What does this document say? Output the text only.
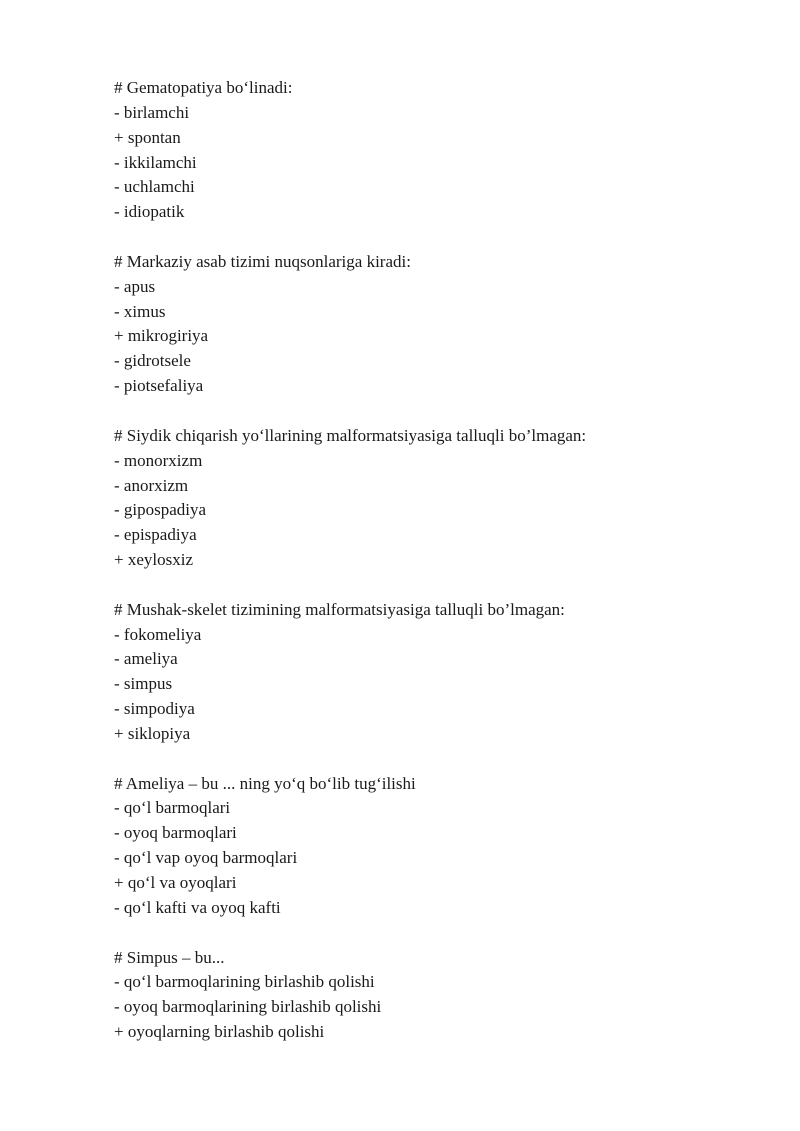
# Gematopatiya bo‘linadi:
- birlamchi
+ spontan
- ikkilamchi
- uchlamchi
- idiopatik
# Markaziy asab tizimi nuqsonlariga kiradi:
- apus
- ximus
+ mikrogiriya
- gidrotsele
- piotsefaliya
# Siydik chiqarish yo‘llarining malformatsiyasiga talluqli bo’lmagan:
- monorxizm
- anorxizm
- gipospadiya
- epispadiya
+ xeylosxiz
# Mushak-skelet tizimining malformatsiyasiga talluqli bo’lmagan:
- fokomeliya
- ameliya
- simpus
- simpodiya
+ siklopiya
# Ameliya – bu ... ning yo‘q bo‘lib tug‘ilishi
- qo‘l barmoqlari
- oyoq barmoqlari
- qo‘l vap oyoq barmoqlari
+ qo‘l va oyoqlari
- qo‘l kafti va oyoq kafti
# Simpus – bu...
- qo‘l barmoqlarining birlashib qolishi
- oyoq barmoqlarining birlashib qolishi
+ oyoqlarning birlashib qolishi
